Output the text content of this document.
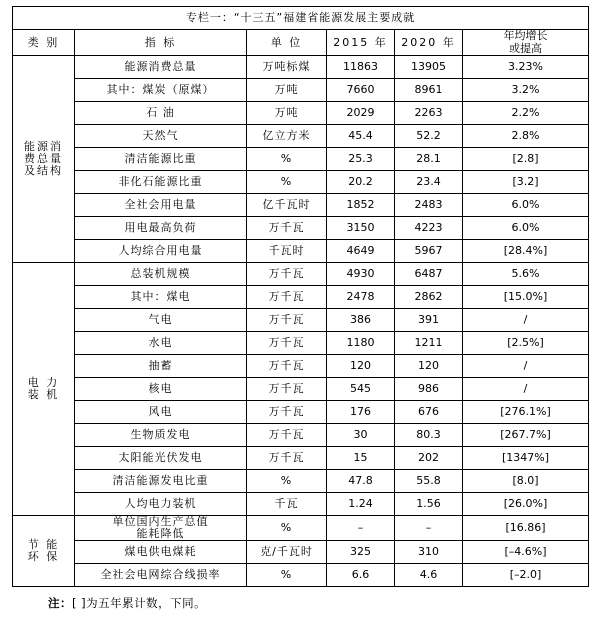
专栏一：“十三五”福建省能源发展主要成就					
类 别	指 标	单 位	2015 年	2020 年	年均增长
或提高

能源消
费总量
及结构	能源消费总量	万吨标煤	11863	13905	3.23%
	其中：煤炭（原煤）	万吨	7660	8961	3.2%
	石 油	万吨	2029	2263	2.2%
	天然气	亿立方米	45.4	52.2	2.8%
	清洁能源比重	%	25.3	28.1	[2.8]
	非化石能源比重	%	20.2	23.4	[3.2]
	全社会用电量	亿千瓦时	1852	2483	6.0%
	用电最高负荷	万千瓦	3150	4223	6.0%
	人均综合用电量	千瓦时	4649	5967	[28.4%]

电 力
装 机	总装机规模	万千瓦	4930	6487	5.6%
	其中：煤电	万千瓦	2478	2862	[15.0%]
	气电	万千瓦	386	391	/
	水电	万千瓦	1180	1211	[2.5%]
	抽蓄	万千瓦	120	120	/
	核电	万千瓦	545	986	/
	风电	万千瓦	176	676	[276.1%]
	生物质发电	万千瓦	30	80.3	[267.7%]
	太阳能光伏发电	万千瓦	15	202	[1347%]
	清洁能源发电比重	%	47.8	55.8	[8.0]
	人均电力装机	千瓦	1.24	1.56	[26.0%]

节 能
环 保

单位国内生产总值
能耗降低	%	–	–	[16.86]
	煤电供电煤耗	克/千瓦时	325	310	[–4.6%]
	全社会电网综合线损率	%	6.6	4.6	[–2.0]
注：[ ]为五年累计数，下同。
